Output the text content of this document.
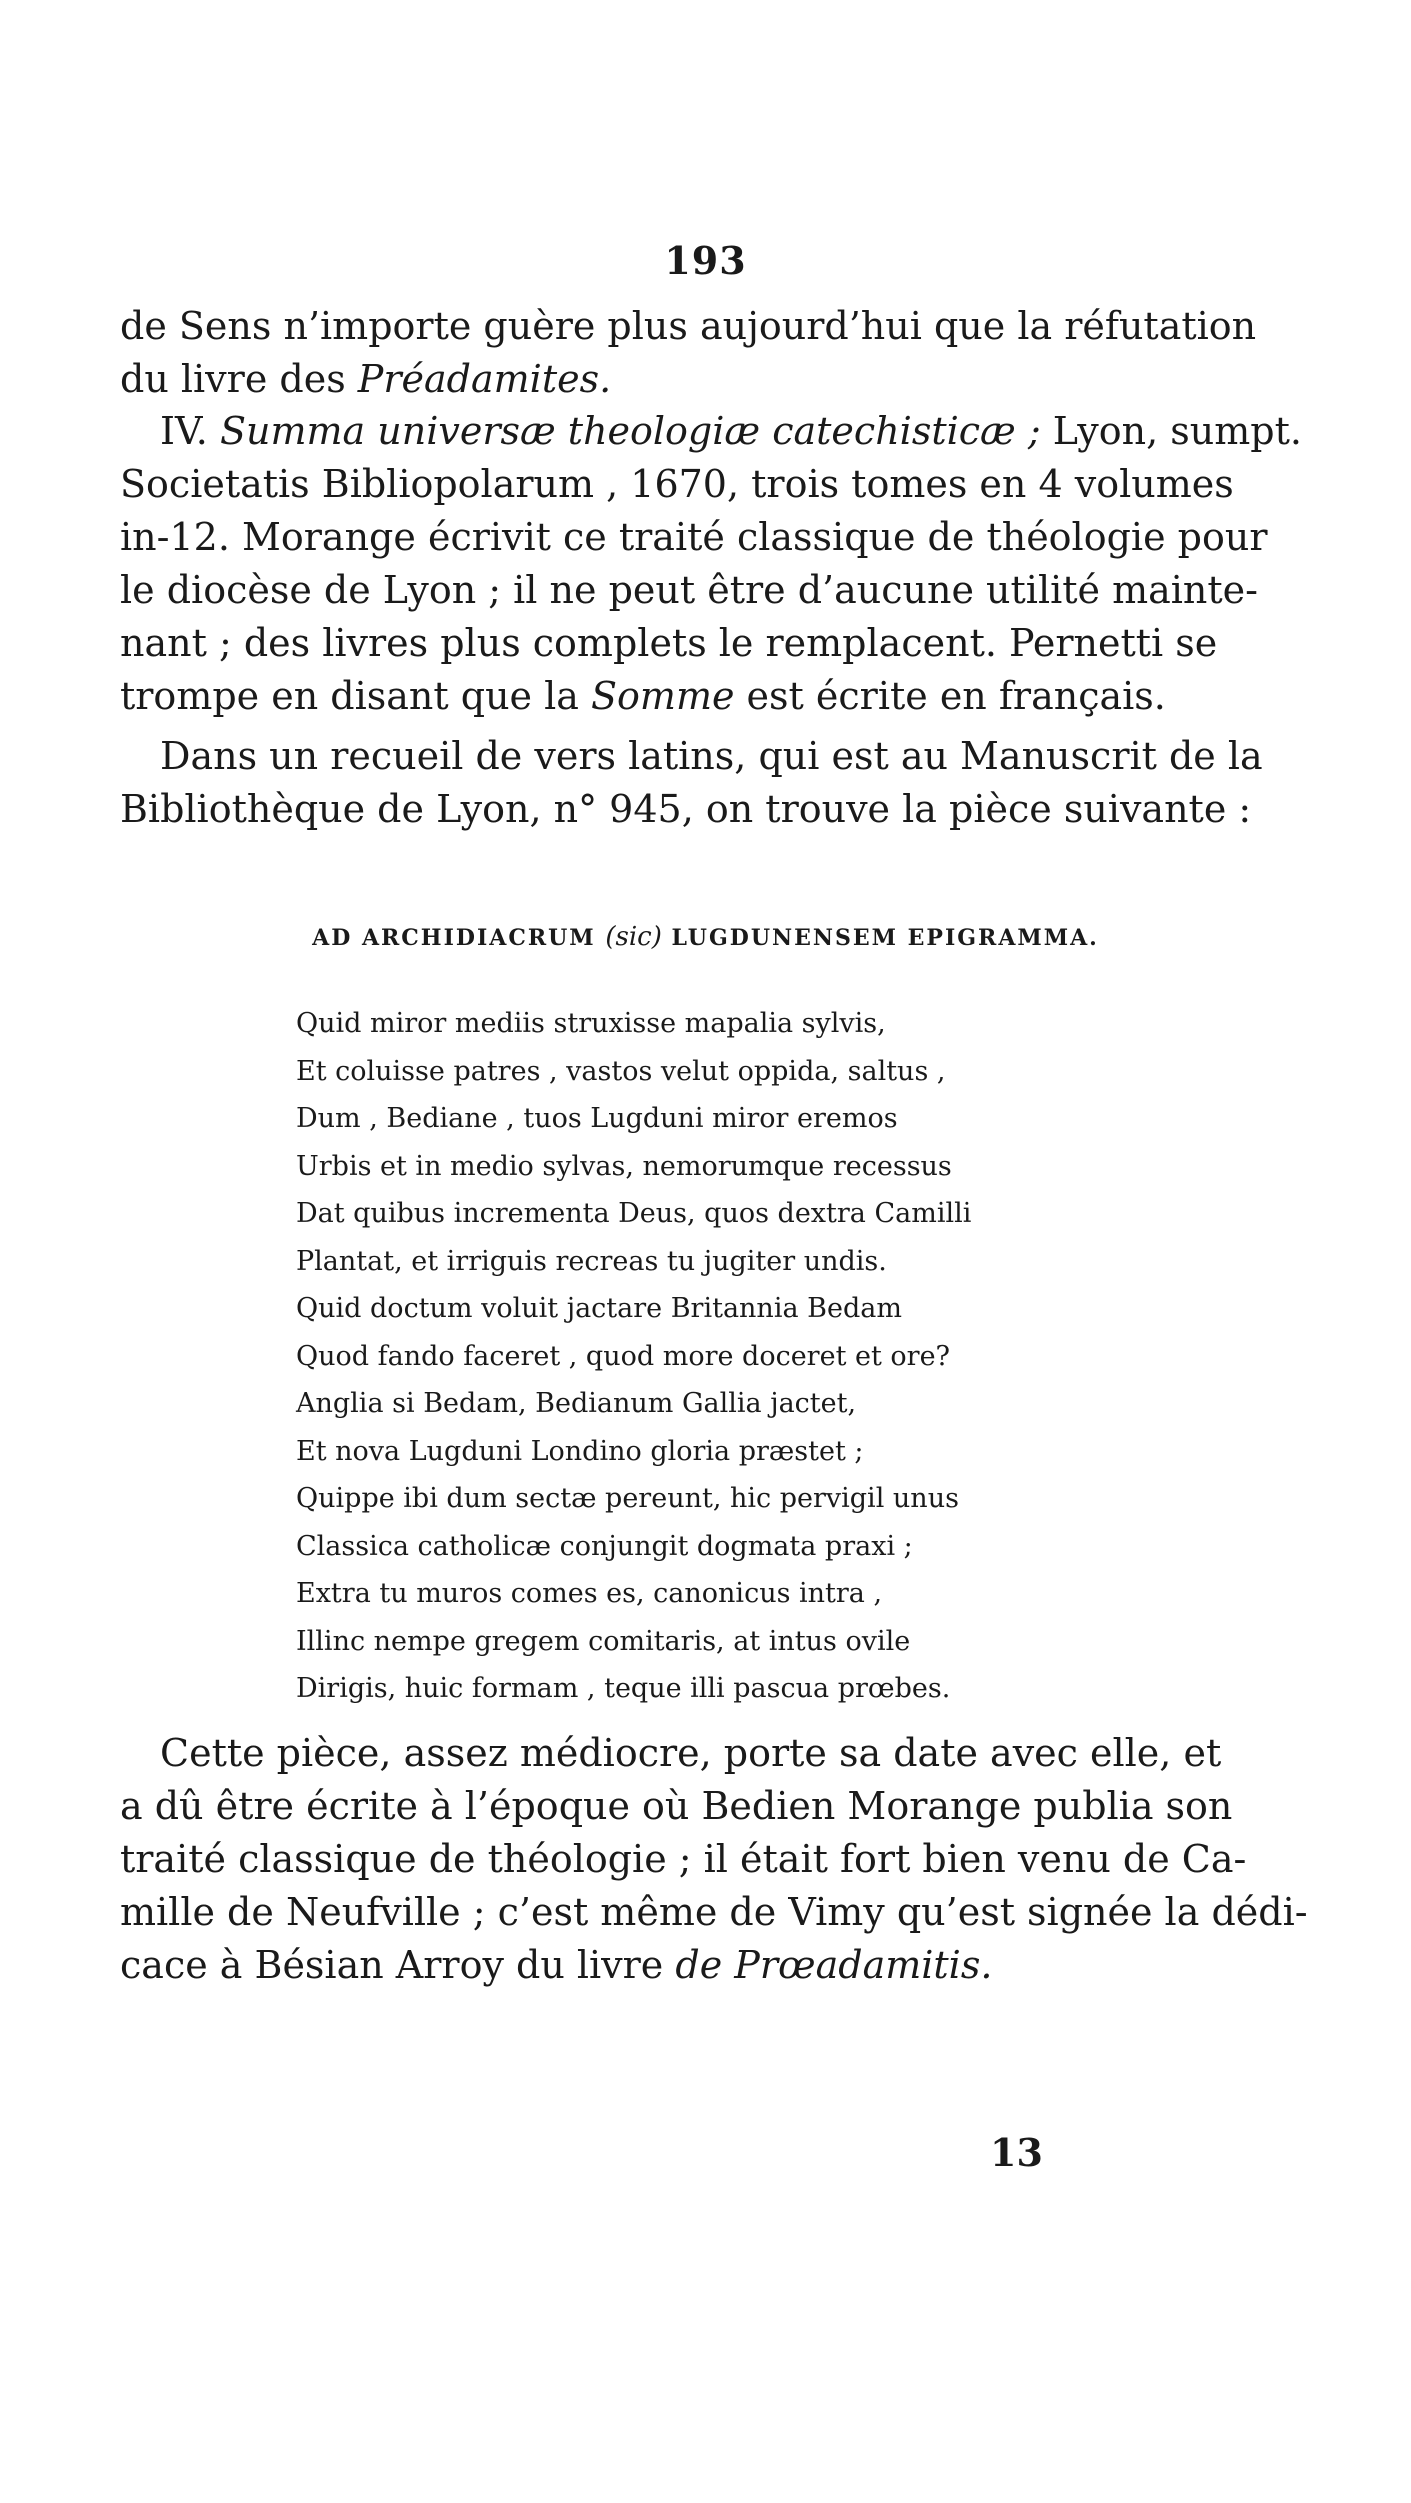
193
de Sens n’importe guère plus aujourd’hui que la réfutation
du livre des Préadamites.
IV. Summa universæ theologiæ catechisticæ ; Lyon, sumpt.
Societatis Bibliopolarum , 1670, trois tomes en 4 volumes
in-12. Morange écrivit ce traité classique de théologie pour
le diocèse de Lyon ; il ne peut être d’aucune utilité mainte-
nant ; des livres plus complets le remplacent. Pernetti se
trompe en disant que la Somme est écrite en français.
Dans un recueil de vers latins, qui est au Manuscrit de la
Bibliothèque de Lyon, n° 945, on trouve la pièce suivante :
AD ARCHIDIACRUM (sic) LUGDUNENSEM EPIGRAMMA.
Quid miror mediis struxisse mapalia sylvis,
Et coluisse patres , vastos velut oppida, saltus ,
Dum , Bediane , tuos Lugduni miror eremos
Urbis et in medio sylvas, nemorumque recessus
Dat quibus incrementa Deus, quos dextra Camilli
Plantat, et irriguis recreas tu jugiter undis.
Quid doctum voluit jactare Britannia Bedam
Quod fando faceret , quod more doceret et ore?
Anglia si Bedam, Bedianum Gallia jactet,
Et nova Lugduni Londino gloria præstet ;
Quippe ibi dum sectæ pereunt, hic pervigil unus
Classica catholicæ conjungit dogmata praxi ;
Extra tu muros comes es, canonicus intra ,
Illinc nempe gregem comitaris, at intus ovile
Dirigis, huic formam , teque illi pascua prœbes.
Cette pièce, assez médiocre, porte sa date avec elle, et
a dû être écrite à l’époque où Bedien Morange publia son
traité classique de théologie ; il était fort bien venu de Ca-
mille de Neufville ; c’est même de Vimy qu’est signée la dédi-
cace à Bésian Arroy du livre de Prœadamitis.
13
